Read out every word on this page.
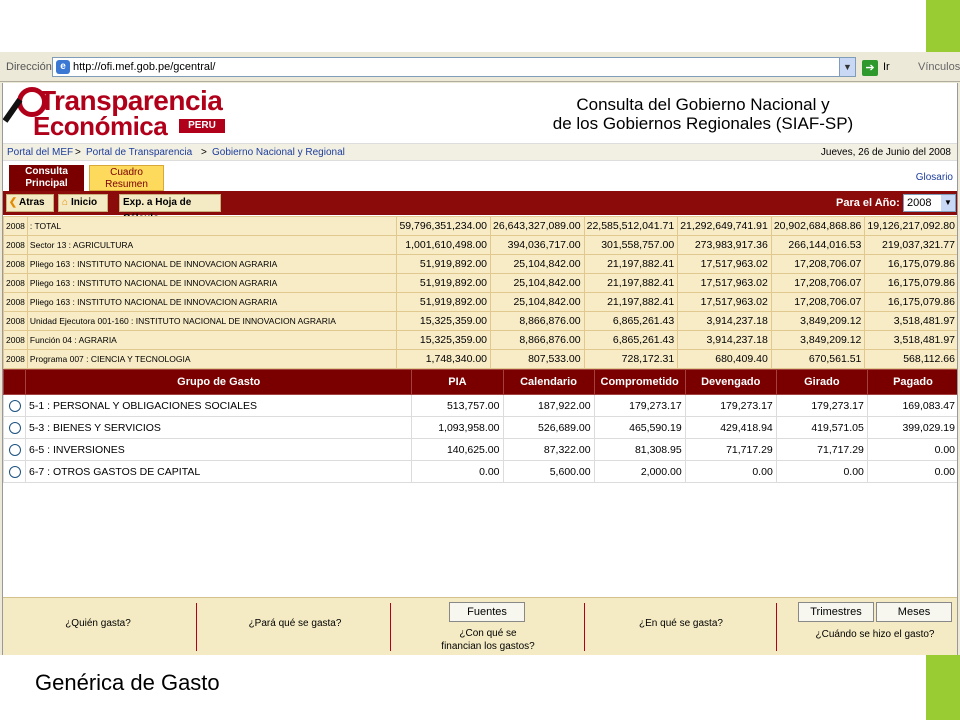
Dirección e http://ofi.mef.gob.pe/gcentral/	▼	➔ Ir	Vínculos
Transparencia
Económica	PERU
Consulta del Gobierno Nacional y
de los Gobiernos Regionales (SIAF-SP)
Portal del MEF > Portal de Transparencia > Gobierno Nacional y Regional	Jueves, 26 de Junio del 2008
Consulta
Principal
Cuadro
Resumen
Glosario
❮ Atras	⌂ Inicio	Exp. a Hoja de	Para el Año: 2008	▼
2008	: TOTAL	59,796,351,234.00	26,643,327,089.00	22,585,512,041.71	21,292,649,741.91	20,902,684,868.86	19,126,217,092.80
2008	Sector 13 : AGRICULTURA	1,001,610,498.00	394,036,717.00	301,558,757.00	273,983,917.36	266,144,016.53	219,037,321.77
2008	Pliego 163 : INSTITUTO NACIONAL DE INNOVACION AGRARIA	51,919,892.00	25,104,842.00	21,197,882.41	17,517,963.02	17,208,706.07	16,175,079.86
2008	Pliego 163 : INSTITUTO NACIONAL DE INNOVACION AGRARIA	51,919,892.00	25,104,842.00	21,197,882.41	17,517,963.02	17,208,706.07	16,175,079.86
2008	Pliego 163 : INSTITUTO NACIONAL DE INNOVACION AGRARIA	51,919,892.00	25,104,842.00	21,197,882.41	17,517,963.02	17,208,706.07	16,175,079.86
2008	Unidad Ejecutora 001-160 : INSTITUTO NACIONAL DE INNOVACION AGRARIA	15,325,359.00	8,866,876.00	6,865,261.43	3,914,237.18	3,849,209.12	3,518,481.97
2008	Función 04 : AGRARIA	15,325,359.00	8,866,876.00	6,865,261.43	3,914,237.18	3,849,209.12	3,518,481.97
2008	Programa 007 : CIENCIA Y TECNOLOGIA	1,748,340.00	807,533.00	728,172.31	680,409.40	670,561.51	568,112.66
	Grupo de Gasto	PIA	Calendario	Comprometido	Devengado	Girado	Pagado
	5-1 : PERSONAL Y OBLIGACIONES SOCIALES	513,757.00	187,922.00	179,273.17	179,273.17	179,273.17	169,083.47
	5-3 : BIENES Y SERVICIOS	1,093,958.00	526,689.00	465,590.19	429,418.94	419,571.05	399,029.19
	6-5 : INVERSIONES	140,625.00	87,322.00	81,308.95	71,717.29	71,717.29	0.00
	6-7 : OTROS GASTOS DE CAPITAL	0.00	5,600.00	2,000.00	0.00	0.00	0.00
¿Quién gasta?	¿Pará qué se gasta?
Fuentes
¿Con qué se
financian los gastos?
¿En qué se gasta?
Trimestres	Meses
¿Cuándo se hizo el gasto?
Genérica de Gasto
